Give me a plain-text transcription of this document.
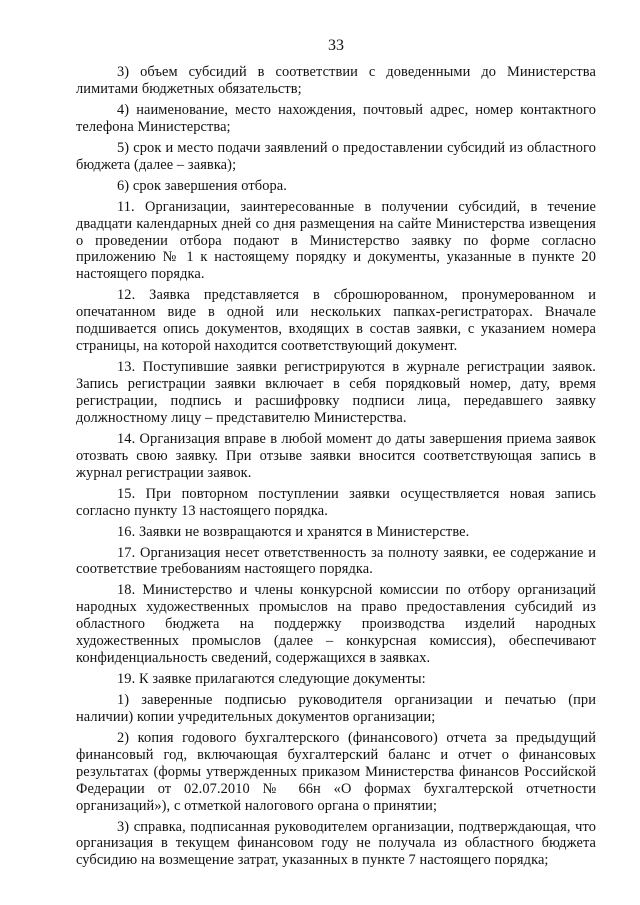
33

3) объем субсидий в соответствии с доведенными до Министерства лимитами бюджетных обязательств;

4) наименование, место нахождения, почтовый адрес, номер контактного телефона Министерства;

5) срок и место подачи заявлений о предоставлении субсидий из областного бюджета (далее – заявка);

6) срок завершения отбора.

11. Организации, заинтересованные в получении субсидий, в течение двадцати календарных дней со дня размещения на сайте Министерства извещения о проведении отбора подают в Министерство заявку по форме согласно приложению № 1 к настоящему порядку и документы, указанные в пункте 20 настоящего порядка.

12. Заявка представляется в сброшюрованном, пронумерованном и опечатанном виде в одной или нескольких папках-регистраторах. Вначале подшивается опись документов, входящих в состав заявки, с указанием номера страницы, на которой находится соответствующий документ.

13. Поступившие заявки регистрируются в журнале регистрации заявок. Запись регистрации заявки включает в себя порядковый номер, дату, время регистрации, подпись и расшифровку подписи лица, передавшего заявку должностному лицу – представителю Министерства.

14. Организация вправе в любой момент до даты завершения приема заявок отозвать свою заявку. При отзыве заявки вносится соответствующая запись в журнал регистрации заявок.

15. При повторном поступлении заявки осуществляется новая запись согласно пункту 13 настоящего порядка.

16. Заявки не возвращаются и хранятся в Министерстве.

17. Организация несет ответственность за полноту заявки, ее содержание и соответствие требованиям настоящего порядка.

18. Министерство и члены конкурсной комиссии по отбору организаций народных художественных промыслов на право предоставления субсидий из областного бюджета на поддержку производства изделий народных художественных промыслов (далее – конкурсная комиссия), обеспечивают конфиденциальность сведений, содержащихся в заявках.

19. К заявке прилагаются следующие документы:

1) заверенные подписью руководителя организации и печатью (при наличии) копии учредительных документов организации;

2) копия годового бухгалтерского (финансового) отчета за предыдущий финансовый год, включающая бухгалтерский баланс и отчет о финансовых результатах (формы утвержденных приказом Министерства финансов Российской Федерации от 02.07.2010 № 66н «О формах бухгалтерской отчетности организаций»), с отметкой налогового органа о принятии;

3) справка, подписанная руководителем организации, подтверждающая, что организация в текущем финансовом году не получала из областного бюджета субсидию на возмещение затрат, указанных в пункте 7 настоящего порядка;
